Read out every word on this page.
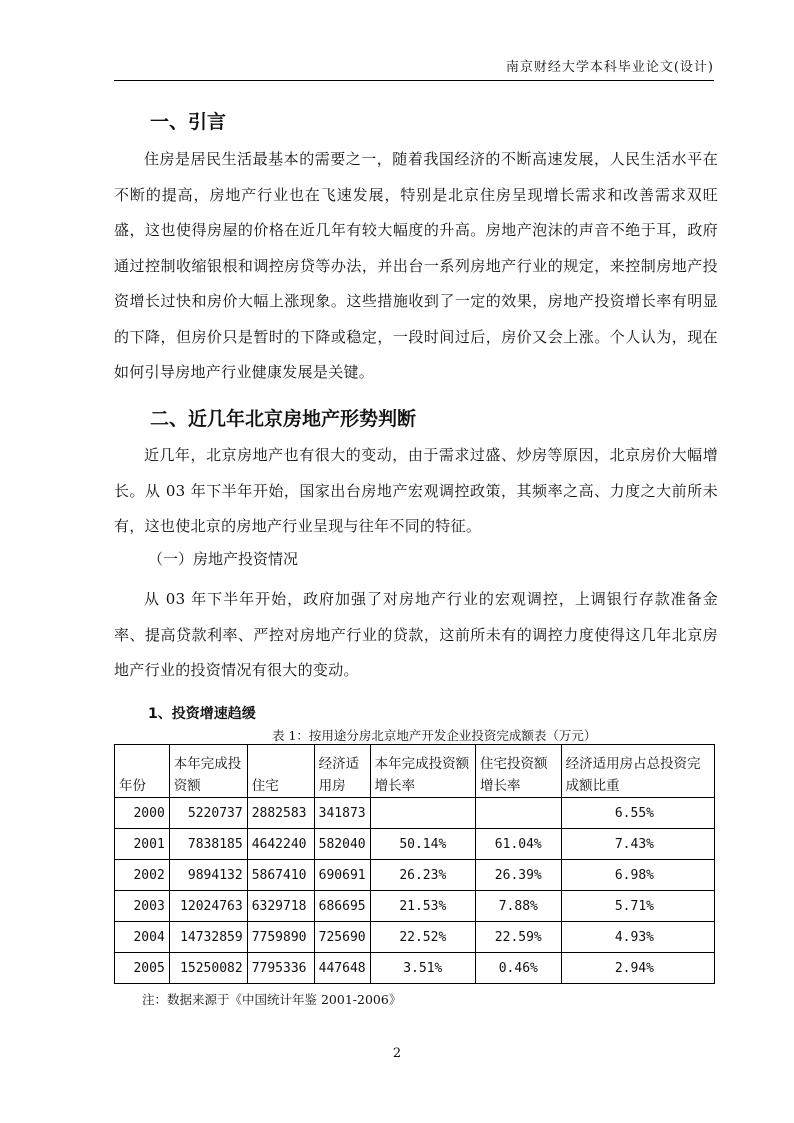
南京财经大学本科毕业论文(设计)
一、引言
住房是居民生活最基本的需要之一，随着我国经济的不断高速发展，人民生活水平在不断的提高，房地产行业也在飞速发展，特别是北京住房呈现增长需求和改善需求双旺盛，这也使得房屋的价格在近几年有较大幅度的升高。房地产泡沫的声音不绝于耳，政府通过控制收缩银根和调控房贷等办法，并出台一系列房地产行业的规定，来控制房地产投资增长过快和房价大幅上涨现象。这些措施收到了一定的效果，房地产投资增长率有明显的下降，但房价只是暂时的下降或稳定，一段时间过后，房价又会上涨。个人认为，现在如何引导房地产行业健康发展是关键。
二、近几年北京房地产形势判断
近几年，北京房地产也有很大的变动，由于需求过盛、炒房等原因，北京房价大幅增长。从 03 年下半年开始，国家出台房地产宏观调控政策，其频率之高、力度之大前所未有，这也使北京的房地产行业呈现与往年不同的特征。
（一）房地产投资情况
从 03 年下半年开始，政府加强了对房地产行业的宏观调控，上调银行存款准备金率、提高贷款利率、严控对房地产行业的贷款，这前所未有的调控力度使得这几年北京房地产行业的投资情况有很大的变动。
1、投资增速趋缓
表 1：按用途分房北京地产开发企业投资完成额表（万元）
年份	本年完成投资额	住宅	经济适用房	本年完成投资额增长率	住宅投资额增长率	经济适用房占总投资完成额比重
2000	5220737	2882583	341873			6.55%
2001	7838185	4642240	582040	50.14%	61.04%	7.43%
2002	9894132	5867410	690691	26.23%	26.39%	6.98%
2003	12024763	6329718	686695	21.53%	7.88%	5.71%
2004	14732859	7759890	725690	22.52%	22.59%	4.93%
2005	15250082	7795336	447648	3.51%	0.46%	2.94%
注：数据来源于《中国统计年鉴 2001-2006》
2
